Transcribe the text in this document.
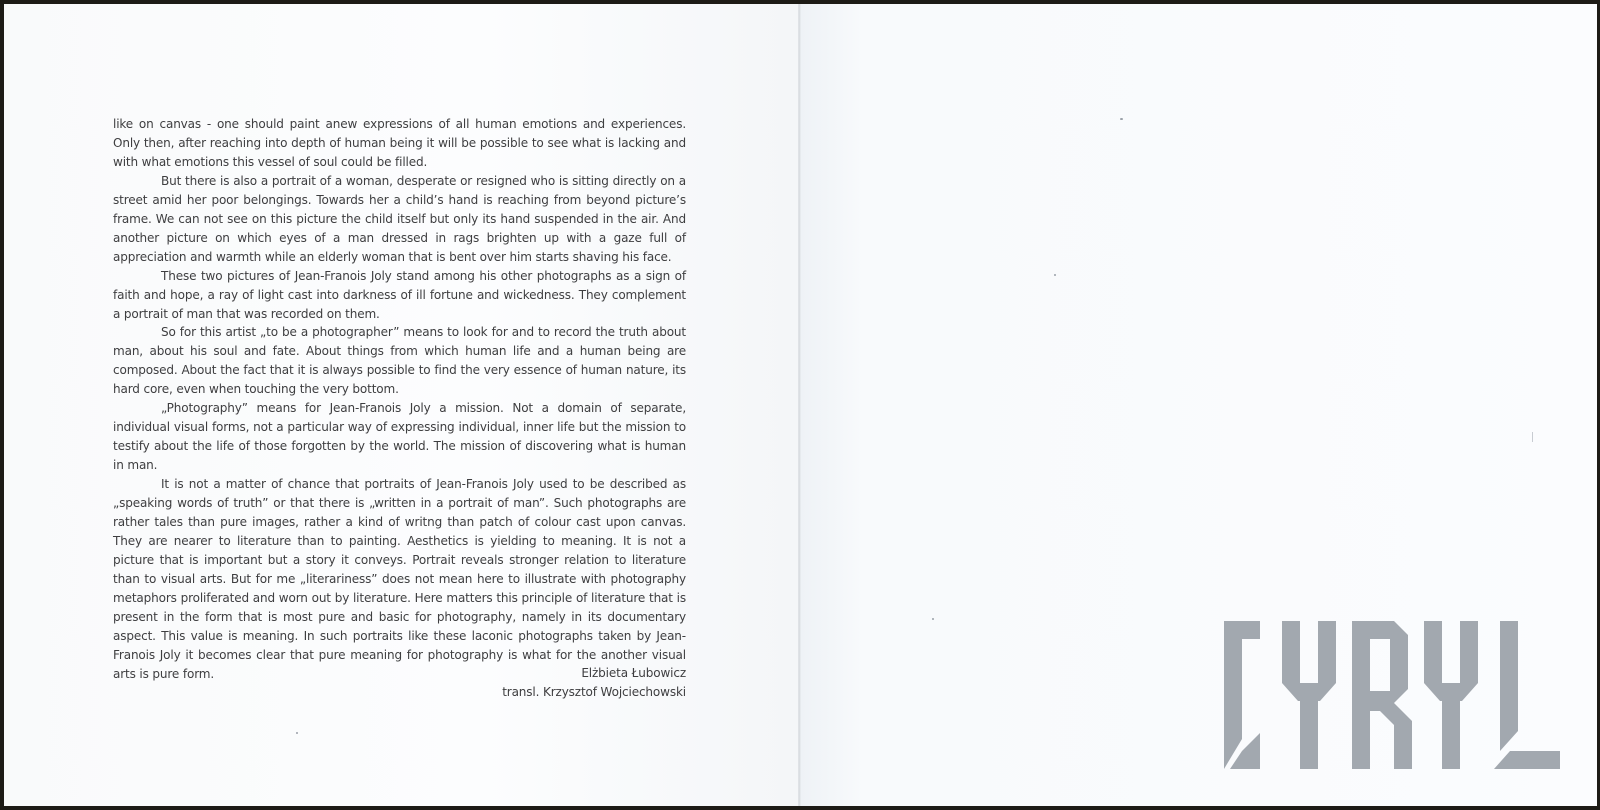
like on canvas - one should paint anew expressions of all human emotions and experiences. Only then, after reaching into depth of human being it will be possible to see what is lacking and with what emotions this vessel of soul could be filled.

But there is also a portrait of a woman, desperate or resigned who is sitting directly on a street amid her poor belongings. Towards her a child’s hand is reaching from beyond picture’s frame. We can not see on this picture the child itself but only its hand suspended in the air. And another picture on which eyes of a man dressed in rags brighten up with a gaze full of appreciation and warmth while an elderly woman that is bent over him starts shaving his face.

These two pictures of Jean-Franois Joly stand among his other photographs as a sign of faith and hope, a ray of light cast into darkness of ill fortune and wickedness. They complement a portrait of man that was recorded on them.

So for this artist „to be a photographer” means to look for and to record the truth about man, about his soul and fate. About things from which human life and a human being are composed. About the fact that it is always possible to find the very essence of human nature, its hard core, even when touching the very bottom.

„Photography” means for Jean-Franois Joly a mission. Not a domain of separate, individual visual forms, not a particular way of expressing individual, inner life but the mission to testify about the life of those forgotten by the world. The mission of discovering what is human in man.

It is not a matter of chance that portraits of Jean-Franois Joly used to be described as „speaking words of truth” or that there is „written in a portrait of man”. Such photographs are rather tales than pure images, rather a kind of writng than patch of colour cast upon canvas. They are nearer to literature than to painting. Aesthetics is yielding to meaning. It is not a picture that is important but a story it conveys. Portrait reveals stronger relation to literature than to visual arts. But for me „literariness” does not mean here to illustrate with photography metaphors proliferated and worn out by literature. Here matters this principle of literature that is present in the form that is most pure and basic for photography, namely in its documentary aspect. This value is meaning. In such portraits like these laconic photographs taken by Jean-Franois Joly it becomes clear that pure meaning for photography is what for the another visual arts is pure form.	Elżbieta Łubowicz
transl. Krzysztof Wojciechowski
